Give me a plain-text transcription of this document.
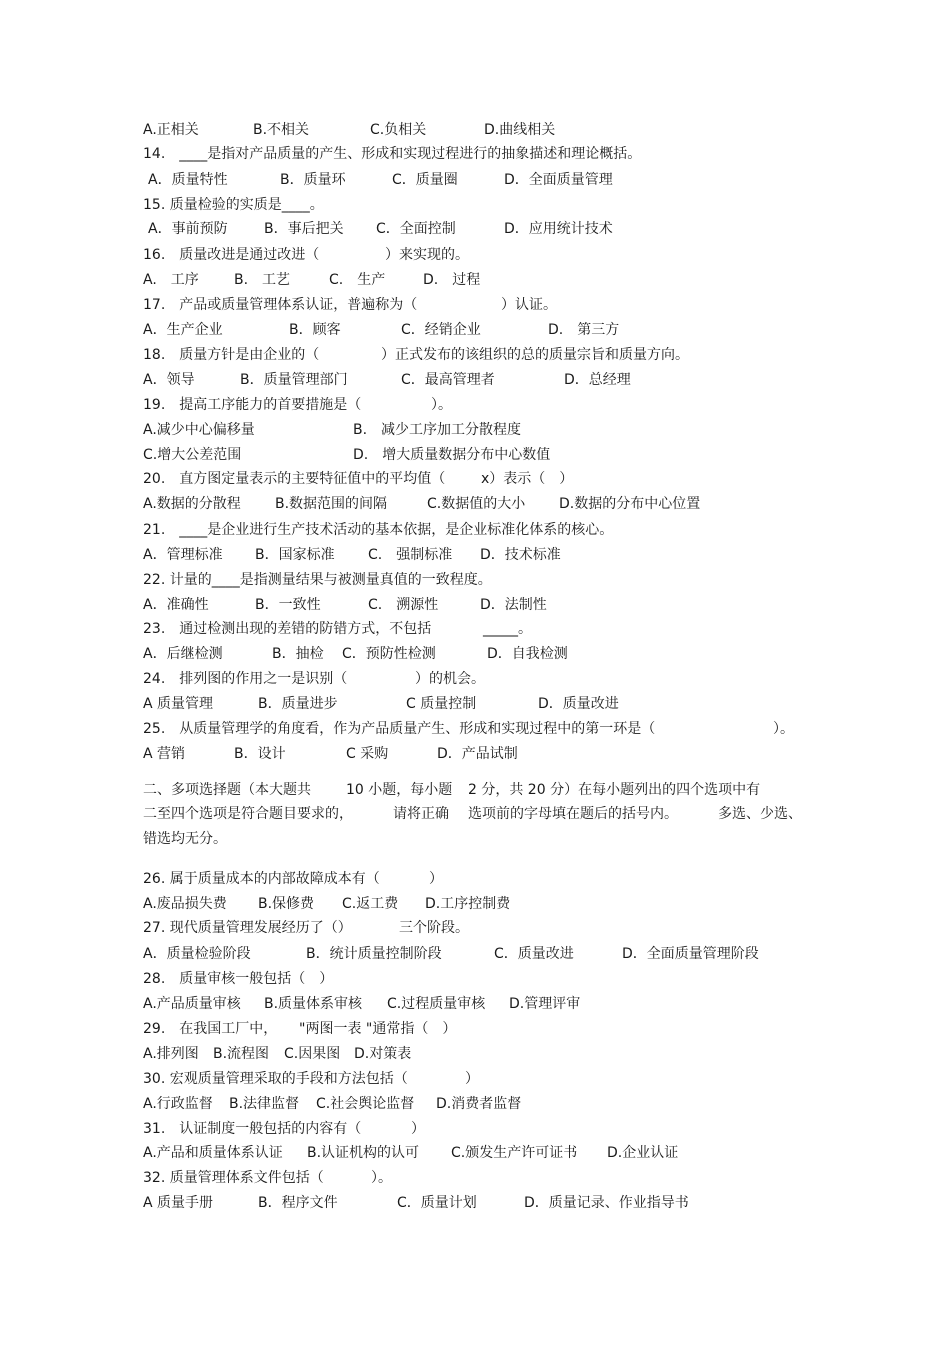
A.正相关

	B.不相关

	C.负相关

	D.曲线相关

14.　____是指对产品质量的产生、形成和实现过程进行的抽象描述和理论概括。

A．质量特性

	B．质量环

	C．质量圈

	D．全面质量管理

15. 质量检验的实质是____。

A．事前预防

	B．事后把关

C．全面控制

	D．应用统计技术

16.　质量改进是通过改进（

	）来实现的。

A.　工序

	B.　工艺

	C.　生产

	D.　过程

17.　产品或质量管理体系认证，普遍称为（

	）认证。

A．生产企业

	B．顾客

	C．经销企业

	D.　第三方

18.　质量方针是由企业的（

	）正式发布的该组织的总的质量宗旨和质量方向。

A．领导

	B．质量管理部门

	C．最高管理者

	D．总经理

19.　提高工序能力的首要措施是（

	）。

A.减少中心偏移量

	B.　减少工序加工分散程度

C.增大公差范围

	D.　增大质量数据分布中心数值

20.　直方图定量表示的主要特征值中的平均值（

	x）表示（　）

A.数据的分散程

B.数据范围的间隔

	C.数据值的大小

D.数据的分布中心位置

21.　____是企业进行生产技术活动的基本依据，是企业标准化体系的核心。

A．管理标准

B．国家标准

C.　强制标准

D．技术标准

22. 计量的____是指测量结果与被测量真值的一致程度。

A．准确性

	B．一致性

	C.　溯源性

	D．法制性

23.　通过检测出现的差错的防错方式，不包括

	_____。

A．后继检测

	B．抽检

C．预防性检测

	D．自我检测

24.　排列图的作用之一是识别（

	）的机会。

A 质量管理

	B．质量进步

	C 质量控制

	D．质量改进

25.　从质量管理学的角度看，作为产品质量产生、形成和实现过程中的第一环是（

	）。

A 营销

	B．设计

	C 采购

	D．产品试制

二、多项选择题（本大题共

	10 小题，每小题

2 分，共 20 分）在每小题列出的四个选项中有

二至四个选项是符合题目要求的，

	请将正确

选项前的字母填在题后的括号内。

	多选、少选、

错选均无分。

26. 属于质量成本的内部故障成本有（

	）

A.废品损失费

B.保修费

C.返工费

D.工序控制费

27. 现代质量管理发展经历了（）

	三个阶段。

A．质量检验阶段

	B．统计质量控制阶段

	C．质量改进

	D．全面质量管理阶段

28.　质量审核一般包括（　）

A.产品质量审核

B.质量体系审核

C.过程质量审核

D.管理评审

29.　在我国工厂中，

"两图一表 "通常指（　）

A.排列图

B.流程图

C.因果图

D.对策表

30. 宏观质量管理采取的手段和方法包括（

	）

A.行政监督

B.法律监督

C.社会舆论监督

D.消费者监督

31.　认证制度一般包括的内容有（

	）

A.产品和质量体系认证

B.认证机构的认可

C.颁发生产许可证书

D.企业认证

32. 质量管理体系文件包括（

	）。

A 质量手册

	B．程序文件

	C．质量计划

	D．质量记录、作业指导书
